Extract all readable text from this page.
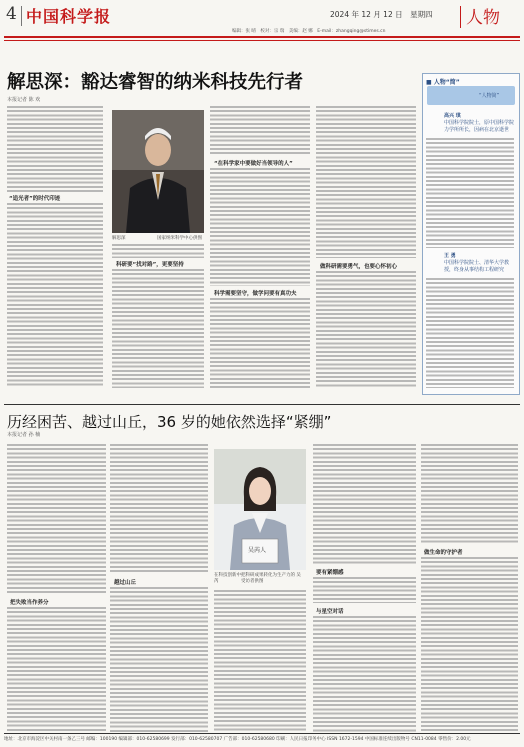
4 中国科学报	2024 年 12 月 12 日　星期四 人物
编辑：张 晴　校对：宗 瑞　美编：赵 娜　E-mail：zhangqing@stimes.cn
解思深：豁达睿智的纳米科技先行者
本报记者 陈 欢
“追光者”的时代印迹
解思深　　　　　　　国家纳米科学中心供图
科研要“找对路”，更要坚持
“在科学家中要做好当领导的人”
科学需要坚守，做学问要有真功夫
做科研需要勇气，也要心怀初心
■ 人物“简”
“人物简”
高兴 琪
中国科学院院士，原中国科学院力学所所长，因病在北京逝世
王 勇
中国科学院院士、清华大学教授，终身从事结构工程研究
历经困苦、越过山丘，36 岁的她依然选择“紧绷”
本报记者 孙 楠
把失败当作养分
越过山丘
吴芮人
在科技创新中把科研成果转化为生产力的 吴　芮　　　　　受访者供图
要有紧绷感
与星空对话
做生命的守护者
地址：北京市海淀区中关村南一条乙三号 邮编：100190 编辑部：010-62580699 发行部：010-62580707 广告部：010-62580680 印刷：人民日报印务中心 ISSN 1672-1594 中国标准连续出版物号 CN11-0084 零售价：2.00元
